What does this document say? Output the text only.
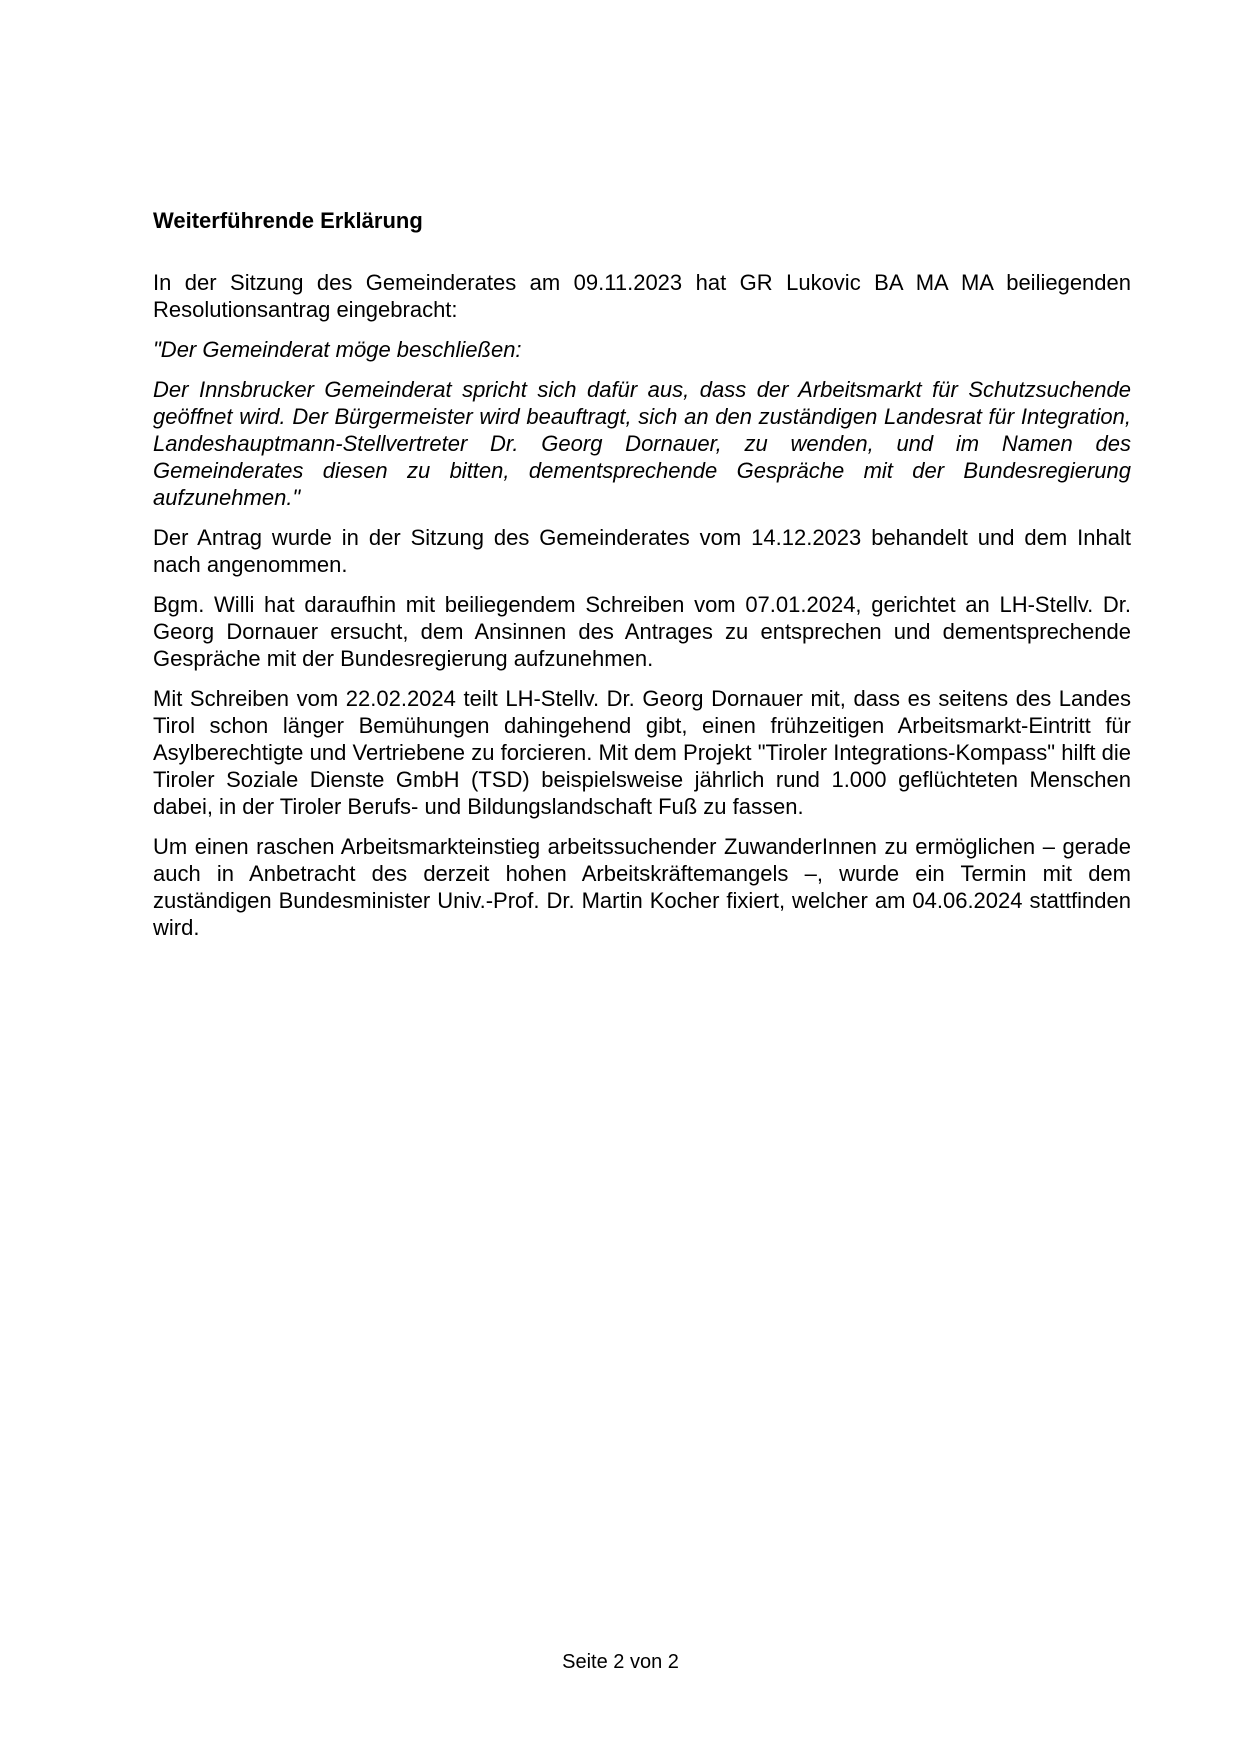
Weiterführende Erklärung

In der Sitzung des Gemeinderates am 09.11.2023 hat GR Lukovic BA MA MA beiliegenden Resolutionsantrag eingebracht:

"Der Gemeinderat möge beschließen:

Der Innsbrucker Gemeinderat spricht sich dafür aus, dass der Arbeitsmarkt für Schutzsuchende geöffnet wird. Der Bürgermeister wird beauftragt, sich an den zuständigen Landesrat für Integration, Landeshauptmann-Stellvertreter Dr. Georg Dornauer, zu wenden, und im Namen des Gemeinderates diesen zu bitten, dementsprechende Gespräche mit der Bundesregierung aufzunehmen."

Der Antrag wurde in der Sitzung des Gemeinderates vom 14.12.2023 behandelt und dem Inhalt nach angenommen.

Bgm. Willi hat daraufhin mit beiliegendem Schreiben vom 07.01.2024, gerichtet an LH-Stellv. Dr. Georg Dornauer ersucht, dem Ansinnen des Antrages zu entsprechen und dementsprechende Gespräche mit der Bundesregierung aufzunehmen.

Mit Schreiben vom 22.02.2024 teilt LH-Stellv. Dr. Georg Dornauer mit, dass es seitens des Landes Tirol schon länger Bemühungen dahingehend gibt, einen frühzeitigen Arbeitsmarkt-Eintritt für Asylberechtigte und Vertriebene zu forcieren. Mit dem Projekt "Tiroler Integrations-Kompass" hilft die Tiroler Soziale Dienste GmbH (TSD) beispielsweise jährlich rund 1.000 geflüchteten Menschen dabei, in der Tiroler Berufs- und Bildungslandschaft Fuß zu fassen.

Um einen raschen Arbeitsmarkteinstieg arbeitssuchender ZuwanderInnen zu ermöglichen – gerade auch in Anbetracht des derzeit hohen Arbeitskräftemangels –, wurde ein Termin mit dem zuständigen Bundesminister Univ.-Prof. Dr. Martin Kocher fixiert, welcher am 04.06.2024 stattfinden wird.

Seite 2 von 2
